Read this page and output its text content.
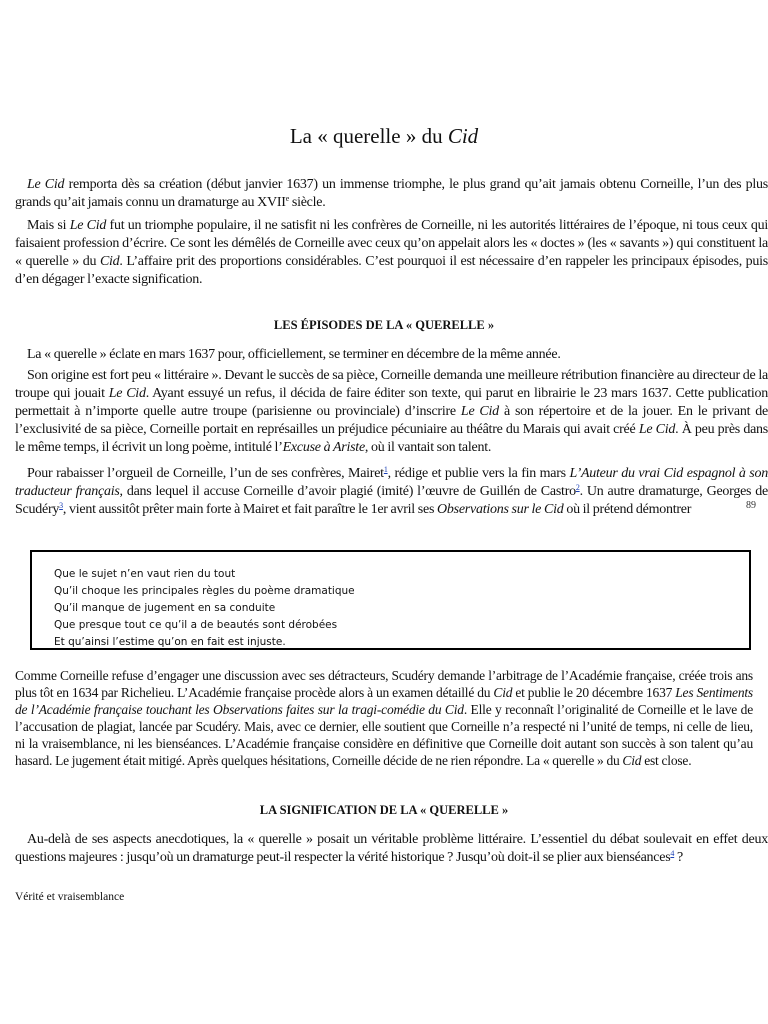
La « querelle » du Cid

Le Cid remporta dès sa création (début janvier 1637) un immense triomphe, le plus grand qu’ait jamais obtenu Corneille, l’un des plus grands qu’ait jamais connu un dramaturge au XVIIe siècle.

Mais si Le Cid fut un triomphe populaire, il ne satisfit ni les confrères de Corneille, ni les autorités littéraires de l’époque, ni tous ceux qui faisaient profession d’écrire. Ce sont les démêlés de Corneille avec ceux qu’on appelait alors les « doctes » (les « savants ») qui constituent la « querelle » du Cid. L’affaire prit des proportions considérables. C’est pourquoi il est nécessaire d’en rappeler les principaux épisodes, puis d’en dégager l’exacte signification.

LES ÉPISODES DE LA « QUERELLE »

La « querelle » éclate en mars 1637 pour, officiellement, se terminer en décembre de la même année.

Son origine est fort peu « littéraire ». Devant le succès de sa pièce, Corneille demanda une meilleure rétribution financière au directeur de la troupe qui jouait Le Cid. Ayant essuyé un refus, il décida de faire éditer son texte, qui parut en librairie le 23 mars 1637. Cette publication permettait à n’importe quelle autre troupe (parisienne ou provinciale) d’inscrire Le Cid à son répertoire et de la jouer. En le privant de l’exclusivité de sa pièce, Corneille portait en représailles un préjudice pécuniaire au théâtre du Marais qui avait créé Le Cid. À peu près dans le même temps, il écrivit un long poème, intitulé l’Excuse à Ariste, où il vantait son talent.

Pour rabaisser l’orgueil de Corneille, l’un de ses confrères, Mairet$^1$, rédige et publie vers la fin mars L’Auteur du vrai Cid espagnol à son traducteur français, dans lequel il accuse Corneille d’avoir plagié (imité) l’œuvre de Guillén de Castro$^2$. Un autre dramaturge, Georges de Scudéry$^3$, vient aussitôt prêter main forte à Mairet et fait paraître le 1er avril ses Observations sur le Cid où il prétend démontrer	89
Que le sujet n’en vaut rien du tout
Qu’il choque les principales règles du poème dramatique
Qu’il manque de jugement en sa conduite
Que presque tout ce qu’il a de beautés sont dérobées
Et qu’ainsi l’estime qu’on en fait est injuste.

Comme Corneille refuse d’engager une discussion avec ses détracteurs, Scudéry demande l’arbitrage de l’Académie française, créée trois ans plus tôt en 1634 par Richelieu. L’Académie française procède alors à un examen détaillé du Cid et publie le 20 décembre 1637 Les Sentiments de l’Académie française touchant les Observations faites sur la tragi-comédie du Cid. Elle y reconnaît l’originalité de Corneille et le lave de l’accusation de plagiat, lancée par Scudéry. Mais, avec ce dernier, elle soutient que Corneille n’a respecté ni l’unité de temps, ni celle de lieu, ni la vraisemblance, ni les bienséances. L’Académie française considère en définitive que Corneille doit autant son succès à son talent qu’au hasard. Le jugement était mitigé. Après quelques hésitations, Corneille décide de ne rien répondre. La « querelle » du Cid est close.

LA SIGNIFICATION DE LA « QUERELLE »

Au-delà de ses aspects anecdotiques, la « querelle » posait un véritable problème littéraire. L’essentiel du débat soulevait en effet deux questions majeures : jusqu’où un dramaturge peut-il respecter la vérité historique ? Jusqu’où doit-il se plier aux bienséances$^4$ ?

Vérité et vraisemblance
